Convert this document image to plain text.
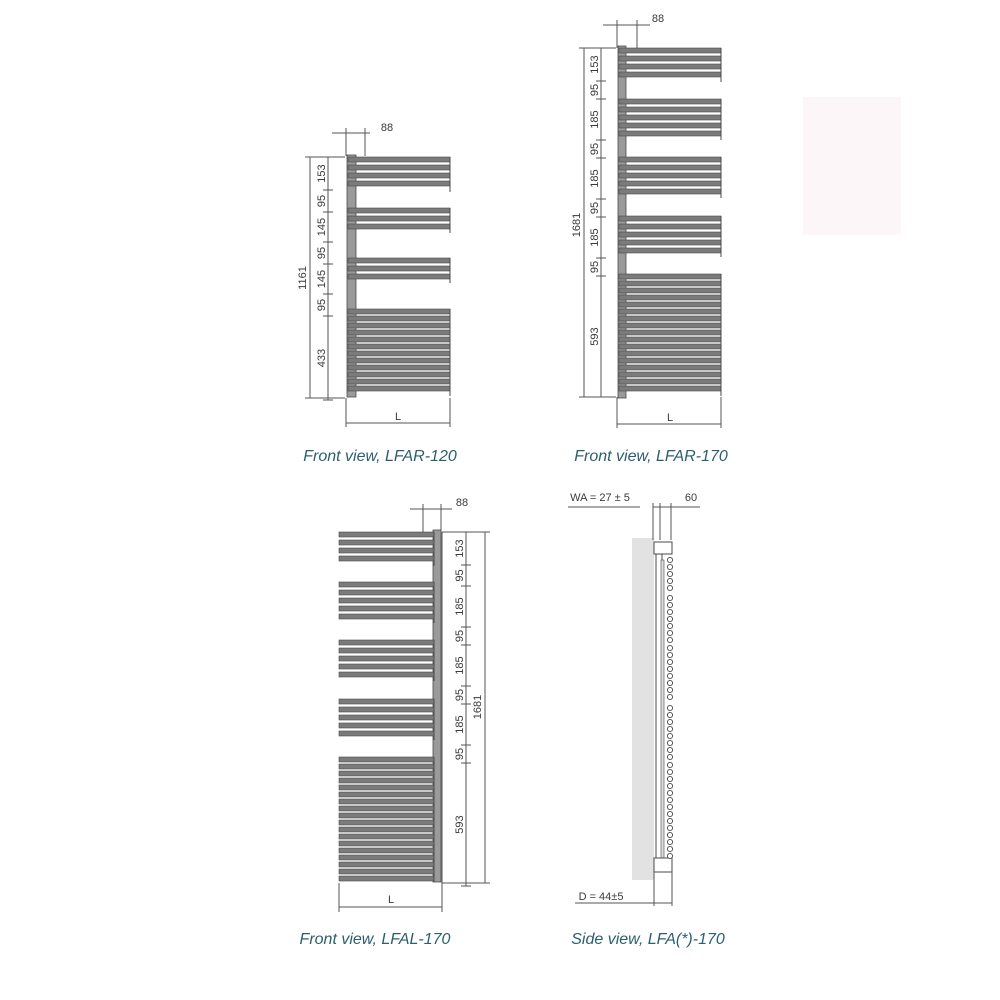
88
1161
153
95
145
95
145
95
433
L
88
1681
153
95
185
95
185
95
185
95
593
L
88
153
95
185
95
185
95
185
95
593
1681
L
WA = 27 ± 5	60
D = 44±5
Front view, LFAR-120	Front view, LFAR-170
Front view, LFAL-170	Side view, LFA(*)-170
